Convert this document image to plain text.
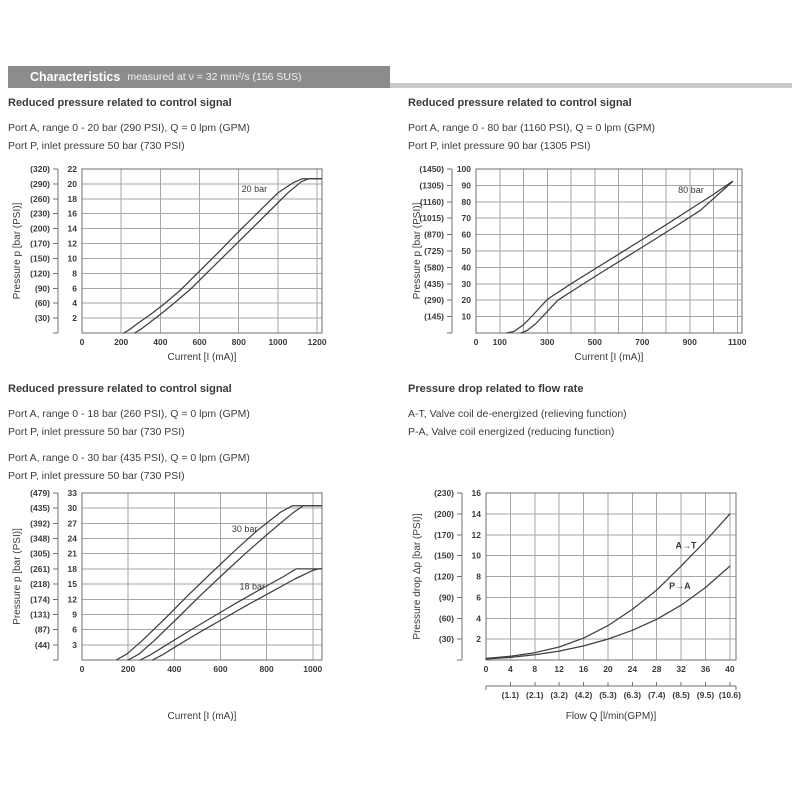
Characteristics measured at ν = 32 mm²/s (156 SUS)
Reduced pressure related to control signal

Port A, range 0 - 20 bar (290 PSI), Q = 0 lpm (GPM) Port P, inlet pressure 50 bar (730 PSI)

2
(30)
4
(60)
6
(90)
8
(120)
10
(150)
12
(170)
14
(200)
16
(230)
18
(260)
20
(290)
22
(320)
0	200	400	600	800	1000 1200
20 bar
Pressure p [bar (PSI)]
Current [I (mA)]
Reduced pressure related to control signal

Port A, range 0 - 80 bar (1160 PSI), Q = 0 lpm (GPM) Port P, inlet pressure 90 bar (1305 PSI)

10
(145)
20
(290)
30
(435)
40
(580)
50
(725)
60
(870)
70
(1015)
80
(1160)
90
(1305)
100
(1450)
0 100	300	500	700	900	1100
80 bar
Pressure p [bar (PSI)]
Current [I (mA)]
Reduced pressure related to control signal

Port A, range 0 - 18 bar (260 PSI), Q = 0 lpm (GPM) Port P, inlet pressure 50 bar (730 PSI)

Port A, range 0 - 30 bar (435 PSI), Q = 0 lpm (GPM) Port P, inlet pressure 50 bar (730 PSI)

3
(44)
6
(87)
9
(131)
12
(174)
15
(218)
18
(261)
21
(305)
24
(348)
27
(392)
30
(435)
33
(479)
0	200	400	600	800	1000
30 bar
18 bar
Pressure p [bar (PSI)]
Current [I (mA)]
Pressure drop related to flow rate

A-T, Valve coil de-energized (relieving function) P-A, Valve coil energized (reducing function)

2
(30)
4
(60)
6
(90)
8
(120)
10
(150)
12
(170)
14
(200)
16
(230)
0 4 8 12 16 20 24 28 32 36 40
(1.1) (2.1) (3.2) (4.2) (5.3) (6.3) (7.4) (8.5) (9.5) (10.6)
A→T
P→A
Pressure drop Δp [bar (PSI)]
Flow Q [l/min(GPM)]
